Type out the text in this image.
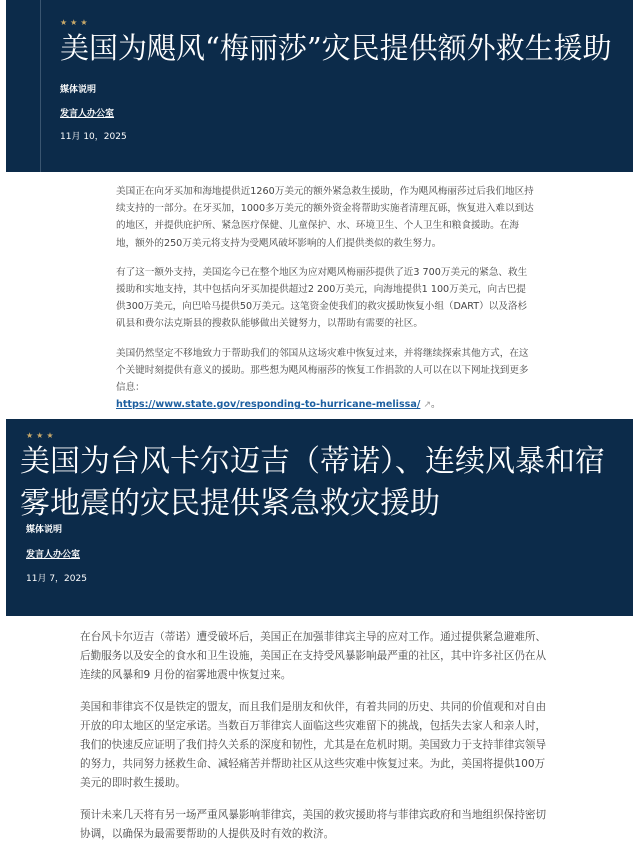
★★★
美国为飓风“梅丽莎”灾民提供额外救生援助
媒体说明
发言人办公室
11月 10，2025

美国正在向牙买加和海地提供近1260万美元的额外紧急救生援助，作为飓风梅丽莎过后我们地区持续支持的一部分。在牙买加，1000多万美元的额外资金将帮助实施者清理瓦砾，恢复进入难以到达的地区，并提供庇护所、紧急医疗保健、儿童保护、水、环境卫生、个人卫生和粮食援助。在海地，额外的250万美元将支持为受飓风破坏影响的人们提供类似的救生努力。

有了这一额外支持，美国迄今已在整个地区为应对飓风梅丽莎提供了近3 700万美元的紧急、救生援助和实地支持，其中包括向牙买加提供超过2 200万美元，向海地提供1 100万美元，向古巴提供300万美元，向巴哈马提供50万美元。这笔资金使我们的救灾援助恢复小组（DART）以及洛杉矶县和费尔法克斯县的搜救队能够做出关键努力，以帮助有需要的社区。

美国仍然坚定不移地致力于帮助我们的邻国从这场灾难中恢复过来，并将继续探索其他方式，在这个关键时刻提供有意义的援助。那些想为飓风梅丽莎的恢复工作捐款的人可以在以下网址找到更多信息：
https://www.state.gov/responding-to-hurricane-melissa/ ↗。

★★★
美国为台风卡尔迈吉（蒂诺）、连续风暴和宿雾地震的灾民提供紧急救灾援助
媒体说明
发言人办公室
11月 7，2025

在台风卡尔迈吉（蒂诺）遭受破坏后，美国正在加强菲律宾主导的应对工作。通过提供紧急避难所、后勤服务以及安全的食水和卫生设施，美国正在支持受风暴影响最严重的社区，其中许多社区仍在从连续的风暴和9 月份的宿雾地震中恢复过来。

美国和菲律宾不仅是铁定的盟友，而且我们是朋友和伙伴，有着共同的历史、共同的价值观和对自由开放的印太地区的坚定承诺。当数百万菲律宾人面临这些灾难留下的挑战，包括失去家人和亲人时，我们的快速反应证明了我们持久关系的深度和韧性，尤其是在危机时期。美国致力于支持菲律宾领导的努力，共同努力拯救生命、减轻痛苦并帮助社区从这些灾难中恢复过来。为此，美国将提供100万美元的即时救生援助。

预计未来几天将有另一场严重风暴影响菲律宾，美国的救灾援助将与菲律宾政府和当地组织保持密切协调，以确保为最需要帮助的人提供及时有效的救济。
